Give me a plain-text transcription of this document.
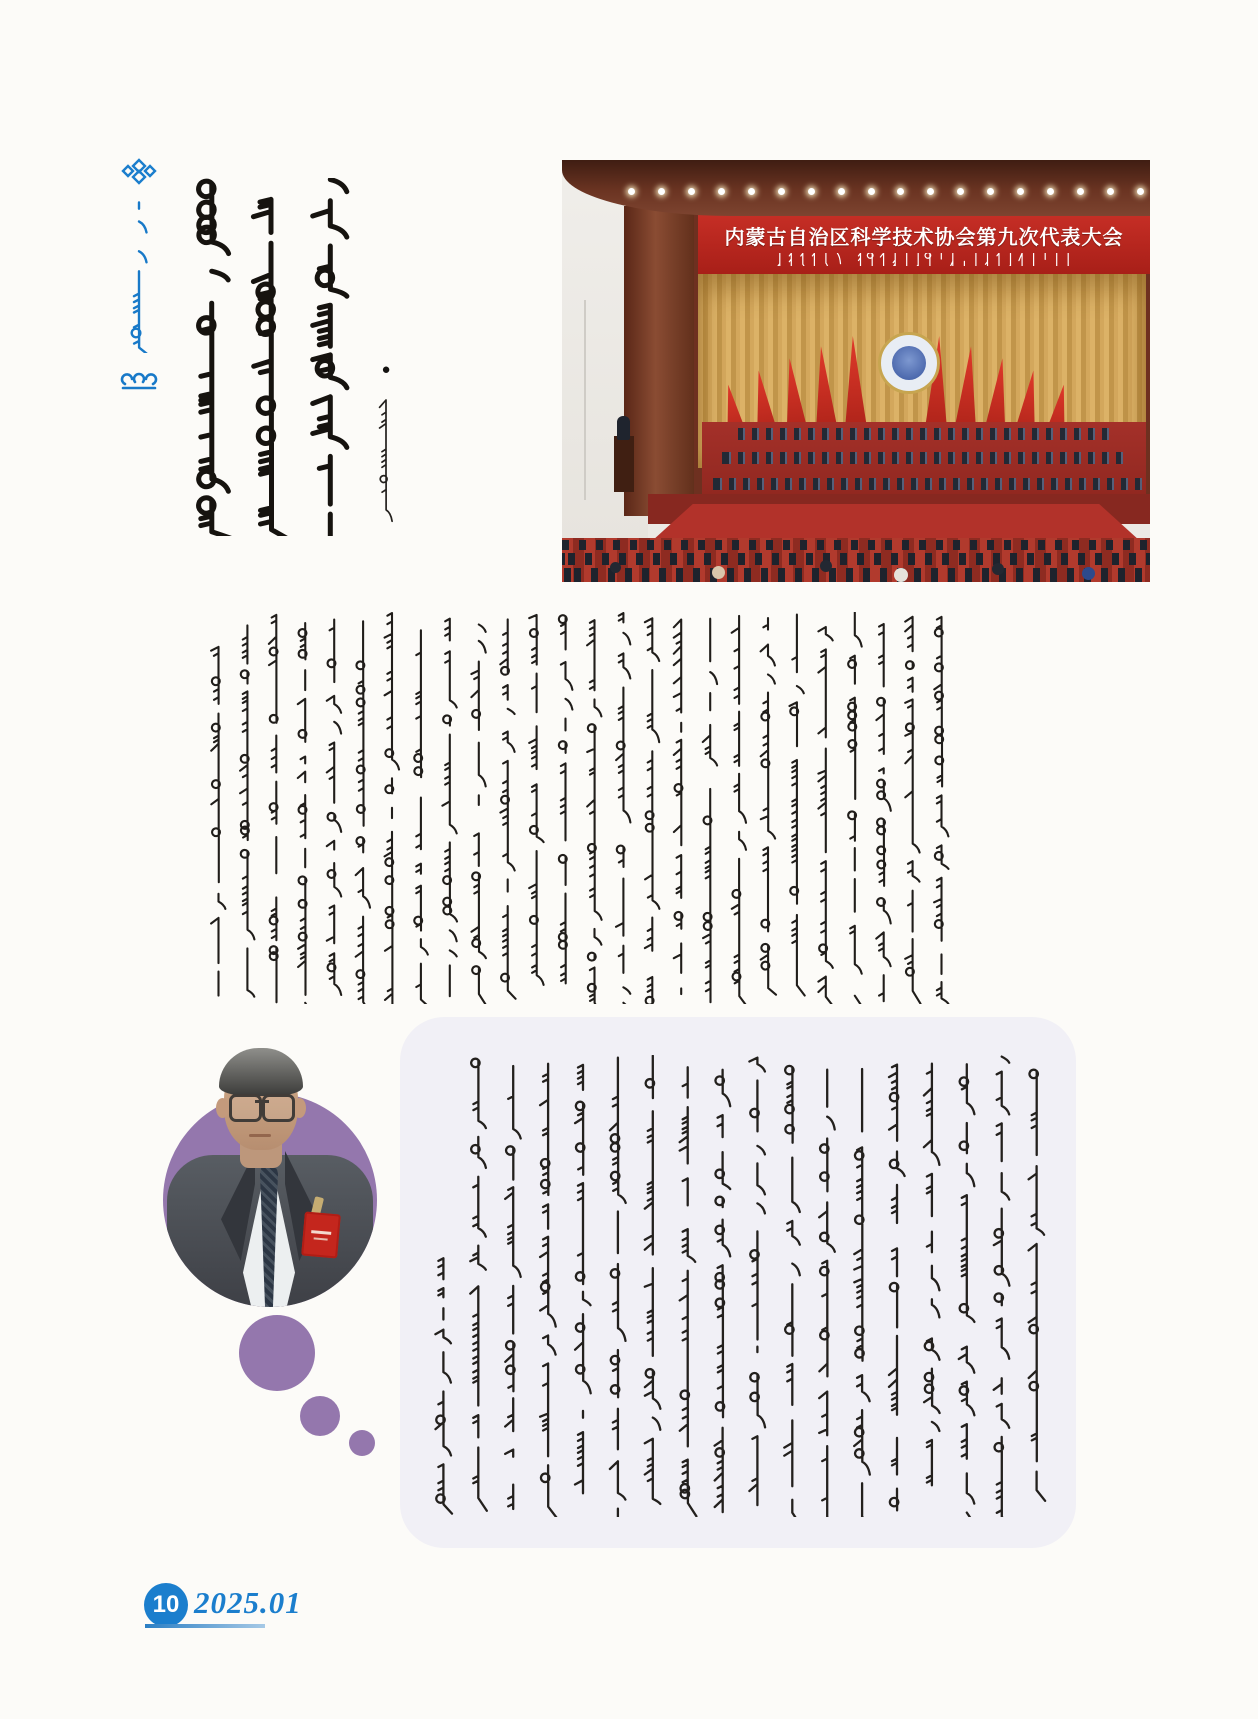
●
内蒙古自治区科学技术协会第九次代表大会
10 2025.01
